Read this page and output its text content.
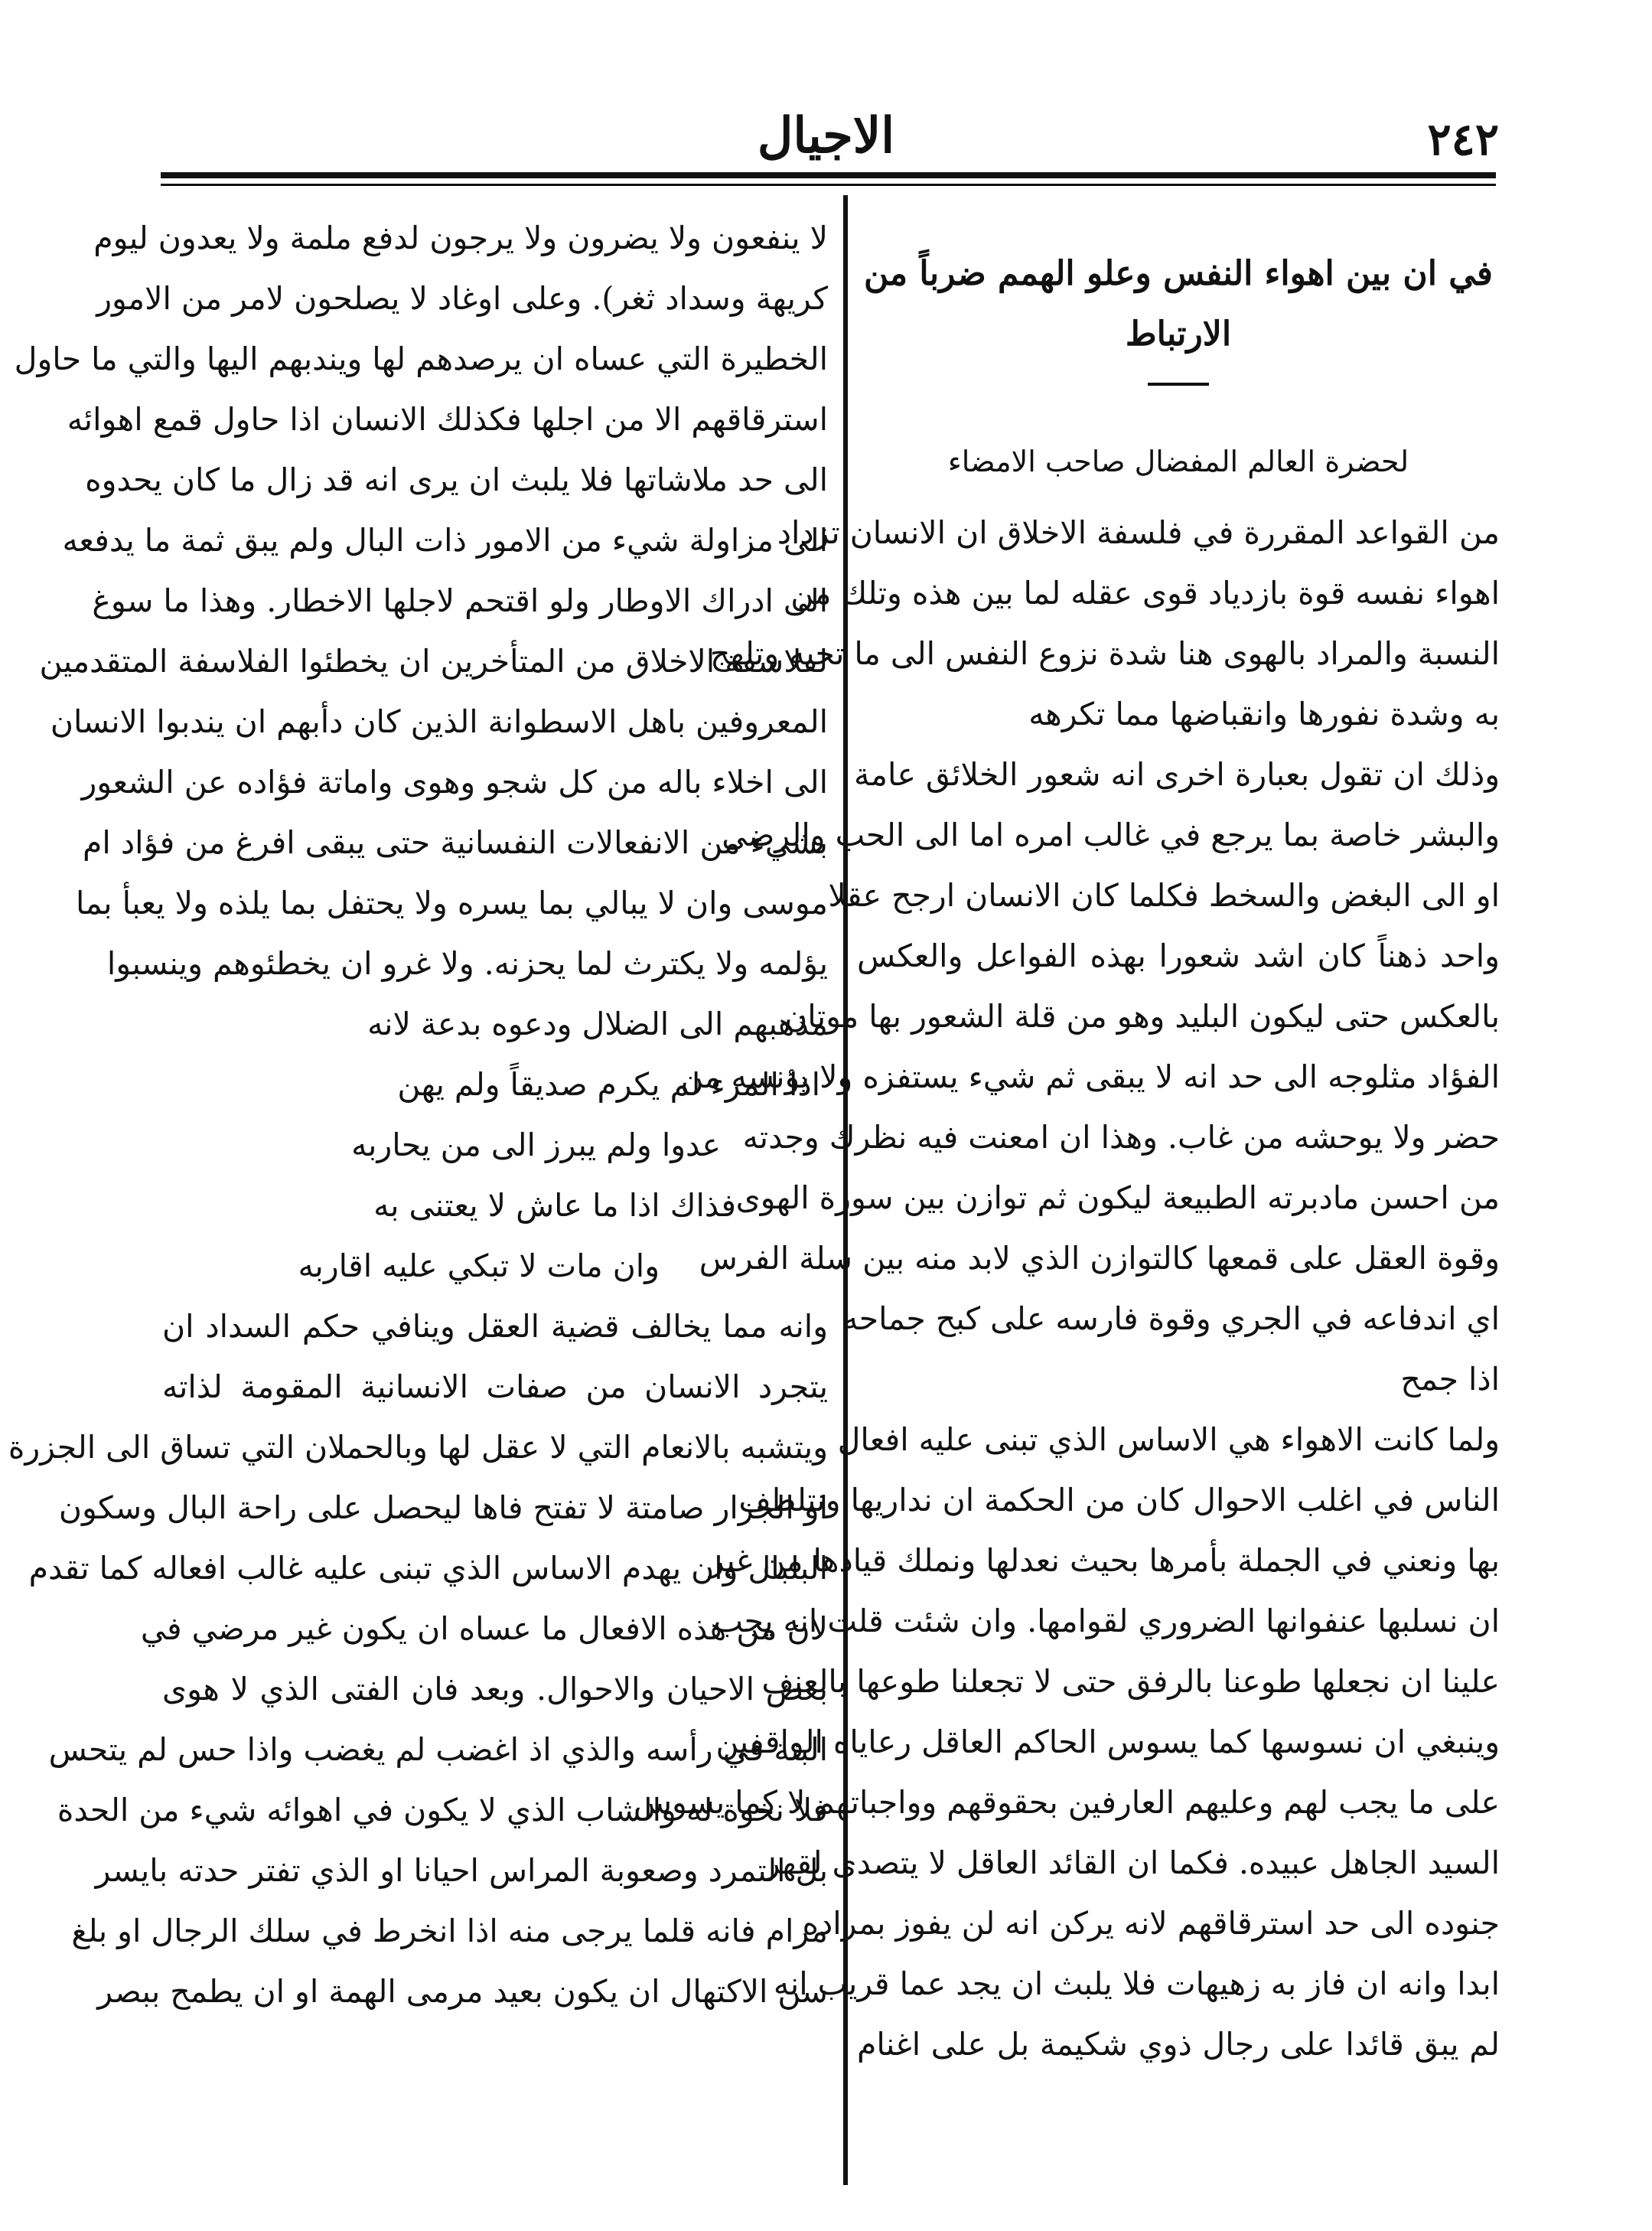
الاجيال	٢٤٢
في ان بين اهواء النفس وعلو الهمم ضرباً من الارتباط
لحضرة العالم المفضال صاحب الامضاء
من القواعد المقررة في فلسفة الاخلاق ان الانسان تزداد
اهواء نفسه قوة بازدياد قوى عقله لما بين هذه وتلك من
النسبة والمراد بالهوى هنا شدة نزوع النفس الى ما تحبه وتلهج
به وشدة نفورها وانقباضها مما تكرهه
وذلك ان تقول بعبارة اخرى انه شعور الخلائق عامة
والبشر خاصة بما يرجع في غالب امره اما الى الحب والرضى
او الى البغض والسخط فكلما كان الانسان ارجح عقلا
واحد ذهناً كان اشد شعورا بهذه الفواعل والعكس
بالعكس حتى ليكون البليد وهو من قلة الشعور بها موتان
الفؤاد مثلوجه الى حد انه لا يبقى ثم شيء يستفزه ولا يؤنسه من
حضر ولا يوحشه من غاب. وهذا ان امعنت فيه نظرك وجدته
من احسن مادبرته الطبيعة ليكون ثم توازن بين سورة الهوى
وقوة العقل على قمعها كالتوازن الذي لابد منه بين سلة الفرس
اي اندفاعه في الجري وقوة فارسه على كبح جماحه
اذا جمح
ولما كانت الاهواء هي الاساس الذي تبنى عليه افعال
الناس في اغلب الاحوال كان من الحكمة ان نداريها ونتلطف
بها ونعني في الجملة بأمرها بحيث نعدلها ونملك قيادها من غير
ان نسلبها عنفوانها الضروري لقوامها. وان شئت قلت انه يجب
علينا ان نجعلها طوعنا بالرفق حتى لا تجعلنا طوعها بالعنف
وينبغي ان نسوسها كما يسوس الحاكم العاقل رعاياه الواقفين
على ما يجب لهم وعليهم العارفين بحقوقهم وواجباتهم لا كما يسوس
السيد الجاهل عبيده. فكما ان القائد العاقل لا يتصدى لقهر
جنوده الى حد استرقاقهم لانه يركن انه لن يفوز بمراده
ابدا وانه ان فاز به زهيهات فلا يلبث ان يجد عما قريب انه
لم يبق قائدا على رجال ذوي شكيمة بل على اغنام
لا ينفعون ولا يضرون ولا يرجون لدفع ملمة ولا يعدون ليوم
كريهة وسداد ثغر). وعلى اوغاد لا يصلحون لامر من الامور
الخطيرة التي عساه ان يرصدهم لها ويندبهم اليها والتي ما حاول
استرقاقهم الا من اجلها فكذلك الانسان اذا حاول قمع اهوائه
الى حد ملاشاتها فلا يلبث ان يرى انه قد زال ما كان يحدوه
الى مزاولة شيء من الامور ذات البال ولم يبق ثمة ما يدفعه
الى ادراك الاوطار ولو اقتحم لاجلها الاخطار. وهذا ما سوغ
لفلاسفة الاخلاق من المتأخرين ان يخطئوا الفلاسفة المتقدمين
المعروفين باهل الاسطوانة الذين كان دأبهم ان يندبوا الانسان
الى اخلاء باله من كل شجو وهوى واماتة فؤاده عن الشعور
بشيء من الانفعالات النفسانية حتى يبقى افرغ من فؤاد ام
موسى وان لا يبالي بما يسره ولا يحتفل بما يلذه ولا يعبأ بما
يؤلمه ولا يكترث لما يحزنه. ولا غرو ان يخطئوهم وينسبوا
مذهبهم الى الضلال ودعوه بدعة لانه
اذا المرء لم يكرم صديقاً ولم يهن
عدوا ولم يبرز الى من يحاربه
فذاك اذا ما عاش لا يعتنى به
وان مات لا تبكي عليه اقاربه
وانه مما يخالف قضية العقل وينافي حكم السداد ان
يتجرد الانسان من صفات الانسانية المقومة لذاته
ويتشبه بالانعام التي لا عقل لها وبالحملان التي تساق الى الجزرة
او الجزار صامتة لا تفتح فاها ليحصل على راحة البال وسكون
البلبال وان يهدم الاساس الذي تبنى عليه غالب افعاله كما تقدم
لان من هذه الافعال ما عساه ان يكون غير مرضي في
بعض الاحيان والاحوال. وبعد فان الفتى الذي لا هوى
البتة في رأسه والذي اذ اغضب لم يغضب واذا حس لم يتحس
فلا نخوة له والشاب الذي لا يكون في اهوائه شيء من الحدة
بل التمرد وصعوبة المراس احيانا او الذي تفتر حدته بايسر
مرام فانه قلما يرجى منه اذا انخرط في سلك الرجال او بلغ
سن الاكتهال ان يكون بعيد مرمى الهمة او ان يطمح ببصر
